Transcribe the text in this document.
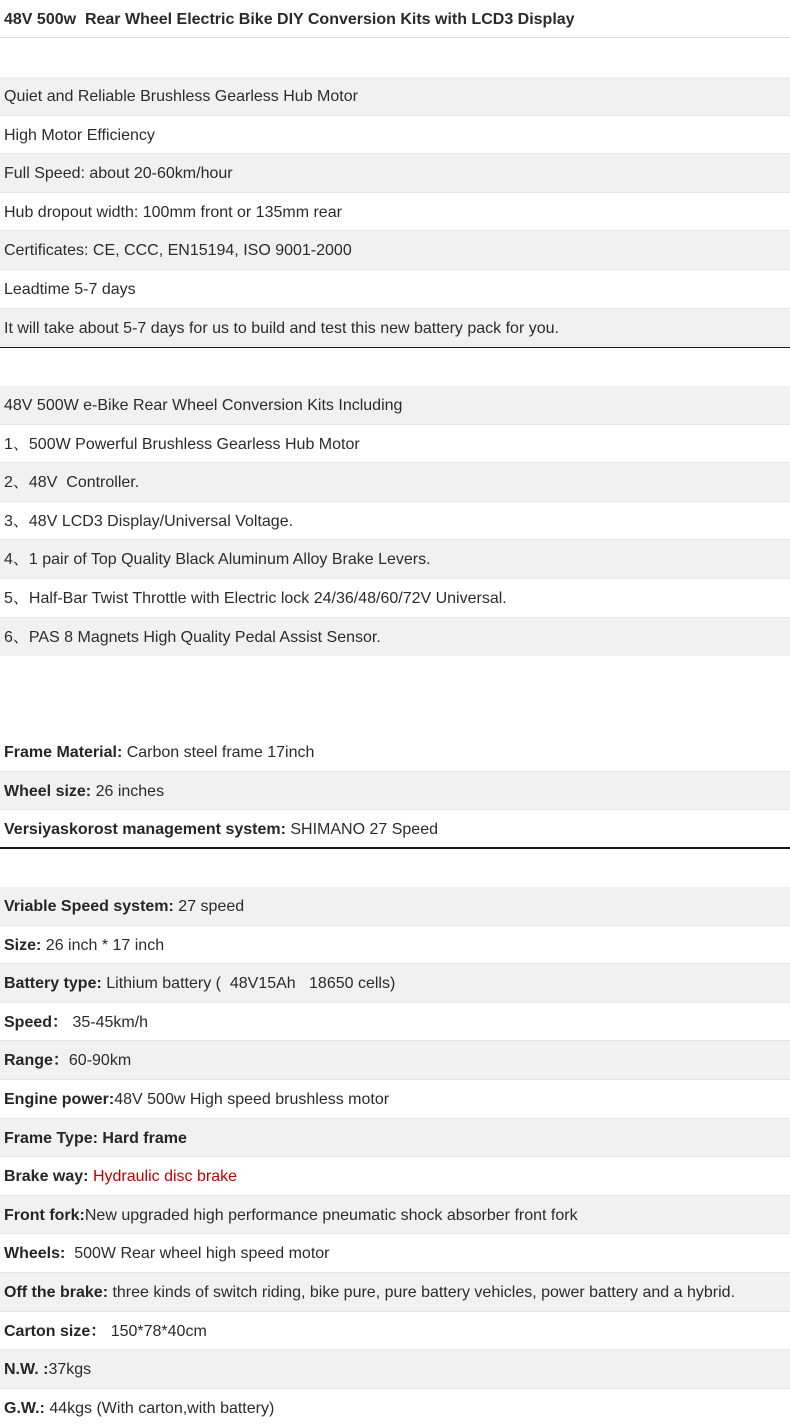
48V 500w  Rear Wheel Electric Bike DIY Conversion Kits with LCD3 Display
Quiet and Reliable Brushless Gearless Hub Motor
High Motor Efficiency
Full Speed: about 20-60km/hour
Hub dropout width: 100mm front or 135mm rear
Certificates: CE, CCC, EN15194, ISO 9001-2000
Leadtime 5-7 days
It will take about 5-7 days for us to build and test this new battery pack for you.
48V 500W e-Bike Rear Wheel Conversion Kits Including
1、500W Powerful Brushless Gearless Hub Motor
2、48V  Controller.
3、48V LCD3 Display/Universal Voltage.
4、1 pair of Top Quality Black Aluminum Alloy Brake Levers.
5、Half-Bar Twist Throttle with Electric lock 24/36/48/60/72V Universal.
6、PAS 8 Magnets High Quality Pedal Assist Sensor.
Frame Material: Carbon steel frame 17inch
Wheel size: 26 inches
Versiyaskorost management system: SHIMANO 27 Speed
Vriable Speed system: 27 speed
Size: 26 inch * 17 inch
Battery type: Lithium battery (  48V15Ah   18650 cells)
Speed： 35-45km/h
Range：60-90km
Engine power:48V 500w High speed brushless motor
Frame Type: Hard frame
Brake way: Hydraulic disc brake
Front fork:New upgraded high performance pneumatic shock absorber front fork
Wheels:  500W Rear wheel high speed motor
Off the brake: three kinds of switch riding, bike pure, pure battery vehicles, power battery and a hybrid.
Carton size： 150*78*40cm
N.W. :37kgs
G.W.: 44kgs (With carton,with battery)
